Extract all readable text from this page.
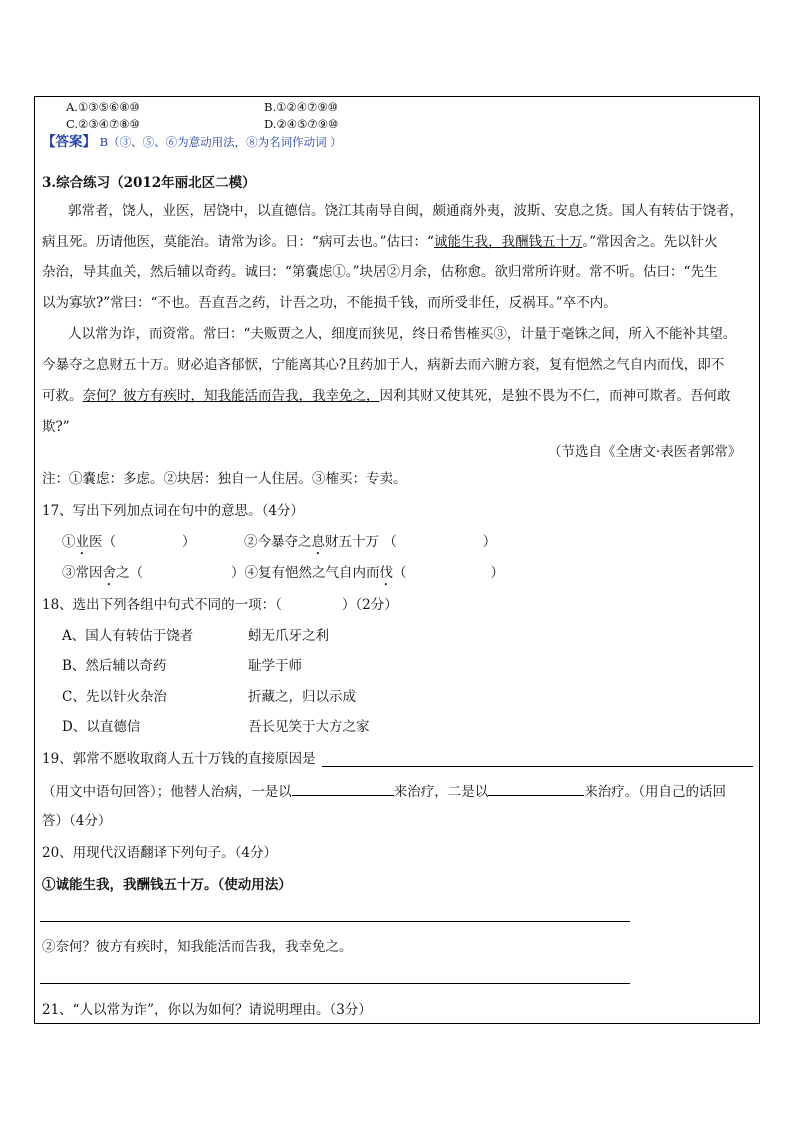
A.①③⑤⑥⑧⑩	B.①②④⑦⑨⑩
C.②③④⑦⑧⑩	D.②④⑤⑦⑨⑩
【答案】 B（③、⑤、⑥为意动用法，⑧为名词作动词 ）
3.综合练习（2012年丽北区二模）
郭常者，饶人，业医，居饶中，以直德信。饶江其南导自闽，颇通商外夷，波斯、安息之货。国人有转估于饶者，
病且死。历请他医，莫能治。请常为诊。日：“病可去也。”估曰：“诚能生我，我酬钱五十万。”常因舍之。先以针火
杂治，导其血关，然后辅以奇药。诚曰：“第嚢虑①。”块居②月余，估称愈。欲归常所许财。常不听。估曰：“先生
以为寡欤?”常曰：“不也。吾直吾之药，计吾之功，不能损千钱，而所受非任，反祸耳。”卒不内。
人以常为诈，而资常。常曰：“夫贩贾之人，细度而狭见，终日希售榷买③，计量于毫铢之间，所入不能补其望。
今暴夺之息财五十万。财必追吝郁恹，宁能离其心?且药加于人，病新去而六腑方衮，复有悒然之气自内而伐，即不
可救。奈何？彼方有疾时，知我能活而告我，我幸免之，因利其财又使其死，是独不畏为不仁，而神可欺者。吾何敢
欺?”
（节选自《全唐文·表医者郭常》
注：①嚢虑：多虑。②块居：独自一人住居。③榷买：专卖。
17、写出下列加点词在句中的意思。（4分）
①业医（	）	②今暴夺之息财五十万 （	）
③常因舍之（	）④复有悒然之气自内而伐（	）
18、选出下列各组中句式不同的一项：（	）（2分）
A、国人有转估于饶者	蚓无爪牙之利
B、然后辅以奇药	耻学于师
C、先以针火杂治	折藏之，归以示成
D、以直德信	吾长见笑于大方之家
19、郭常不愿收取商人五十万钱的直接原因是
（用文中语句回答）；他替人治病，一是以	来治疗，二是以	来治疗。（用自己的话回
答）（4分）
20、用现代汉语翻译下列句子。（4分）
①诚能生我，我酬钱五十万。（使动用法）
②奈何？彼方有疾时，知我能活而告我，我幸免之。
21、“人以常为诈”，你以为如何？请说明理由。（3分）
